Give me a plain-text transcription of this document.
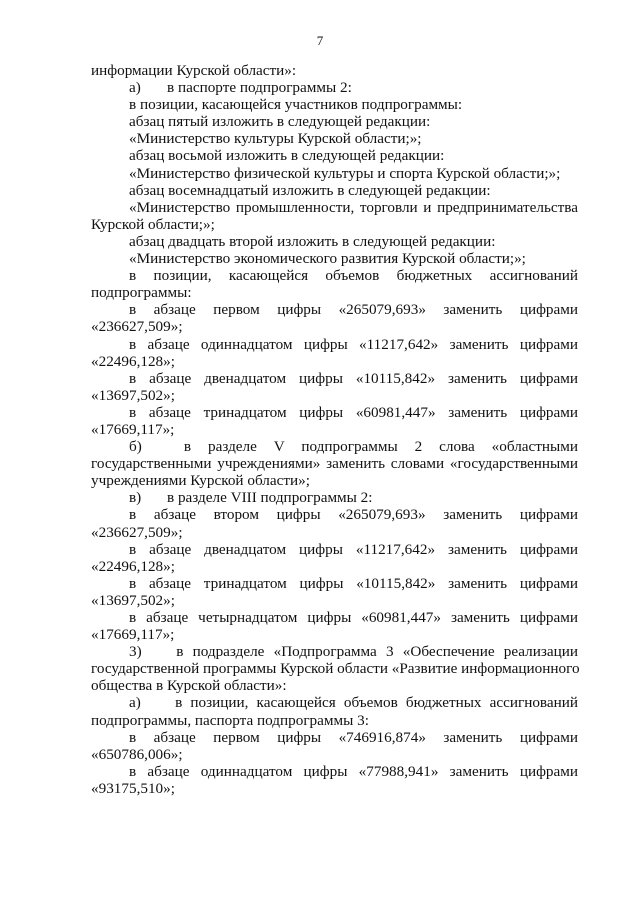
7
информации Курской области»:
а) в паспорте подпрограммы 2:
в позиции, касающейся участников подпрограммы:
абзац пятый изложить в следующей редакции:
«Министерство культуры Курской области;»;
абзац восьмой изложить в следующей редакции:
«Министерство физической культуры и спорта Курской области;»;
абзац восемнадцатый изложить в следующей редакции:
«Министерство промышленности, торговли и предпринимательства
Курской области;»;
абзац двадцать второй изложить в следующей редакции:
«Министерство экономического развития Курской области;»;
в позиции, касающейся объемов бюджетных ассигнований
подпрограммы:
в абзаце первом цифры «265079,693» заменить цифрами
«236627,509»;
в абзаце одиннадцатом цифры «11217,642» заменить цифрами
«22496,128»;
в абзаце двенадцатом цифры «10115,842» заменить цифрами
«13697,502»;
в абзаце тринадцатом цифры «60981,447» заменить цифрами
«17669,117»;
б)	в разделе V подпрограммы 2 слова «областными
государственными учреждениями» заменить словами «государственными
учреждениями Курской области»;
в) в разделе VIII подпрограммы 2:
в абзаце втором цифры «265079,693» заменить цифрами
«236627,509»;
в абзаце двенадцатом цифры «11217,642» заменить цифрами
«22496,128»;
в абзаце тринадцатом цифры «10115,842» заменить цифрами
«13697,502»;
в абзаце четырнадцатом цифры «60981,447» заменить цифрами
«17669,117»;
3) в подразделе «Подпрограмма 3 «Обеспечение реализации
государственной программы Курской области «Развитие информационного
общества в Курской области»:
а) в позиции, касающейся объемов бюджетных ассигнований
подпрограммы, паспорта подпрограммы 3:
в абзаце первом цифры «746916,874» заменить цифрами
«650786,006»;
в абзаце одиннадцатом цифры «77988,941» заменить цифрами
«93175,510»;
